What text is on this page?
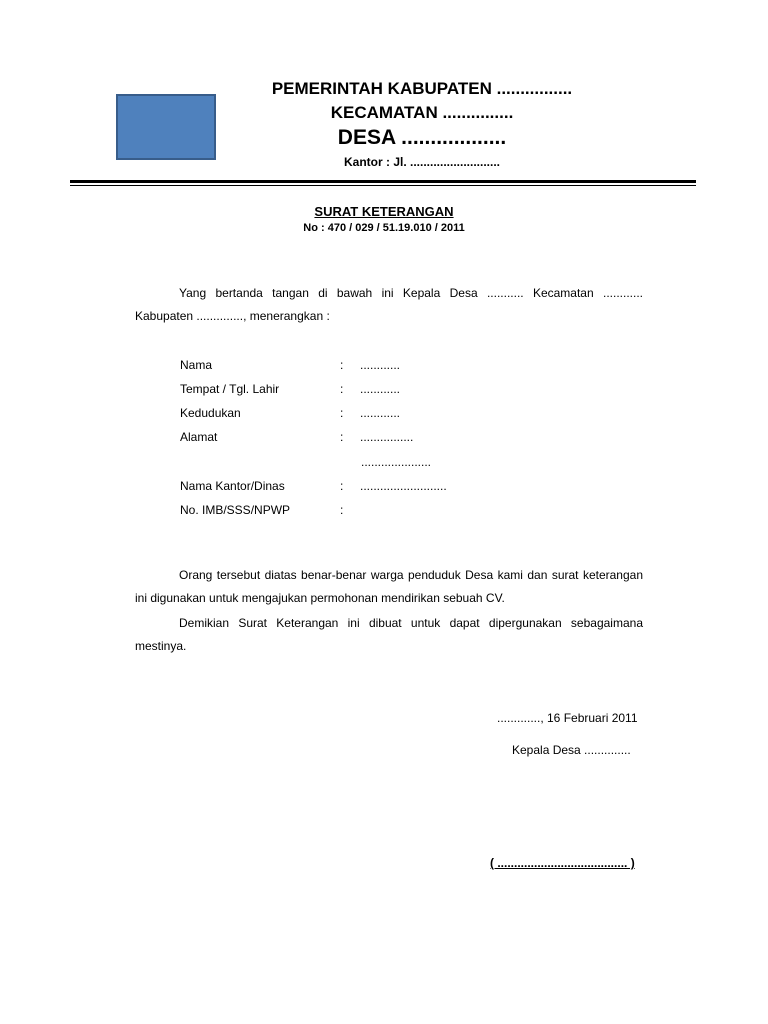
PEMERINTAH KABUPATEN ................
KECAMATAN ...............
DESA ..................
Kantor : Jl. ...........................
SURAT KETERANGAN
No : 470 / 029 / 51.19.010 / 2011
Yang bertanda tangan di bawah ini Kepala Desa ........... Kecamatan ............ Kabupaten .............., menerangkan :
Nama	: ............
Tempat / Tgl. Lahir	: ............
Kedudukan	: ............
Alamat	: ................
.....................
Nama Kantor/Dinas	: ..........................
No. IMB/SSS/NPWP	:
Orang tersebut diatas benar-benar warga penduduk Desa kami dan surat keterangan ini digunakan untuk mengajukan permohonan mendirikan sebuah CV.
Demikian Surat Keterangan ini dibuat untuk dapat dipergunakan sebagaimana mestinya.
............., 16 Februari 2011
Kepala Desa ..............
( ....................................... )
